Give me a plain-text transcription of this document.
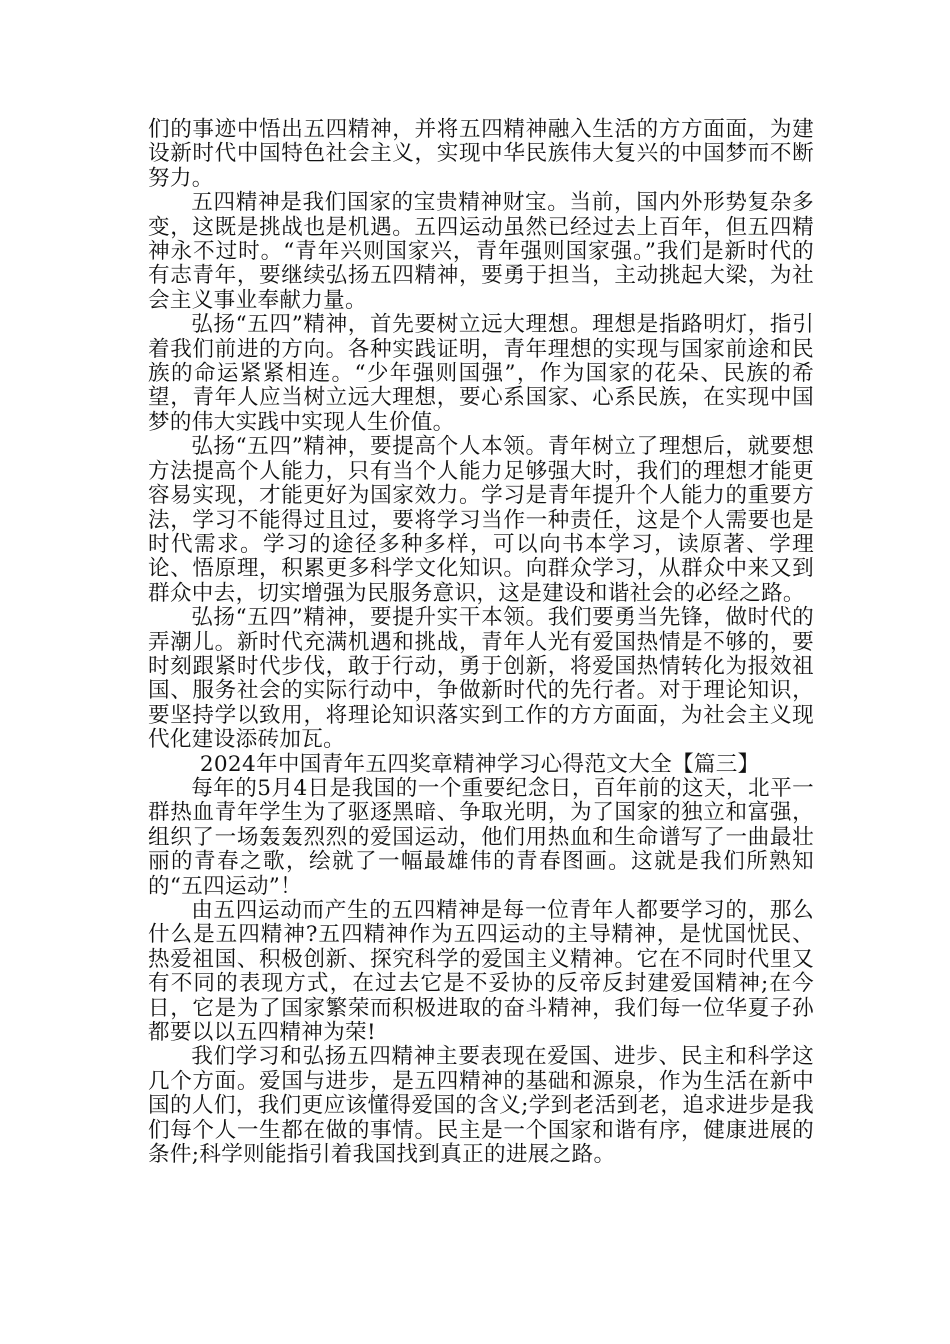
们的事迹中悟出五四精神，并将五四精神融入生活的方方面面，为建设新时代中国特色社会主义，实现中华民族伟大复兴的中国梦而不断努力。

五四精神是我们国家的宝贵精神财宝。当前，国内外形势复杂多变，这既是挑战也是机遇。五四运动虽然已经过去上百年，但五四精神永不过时。“青年兴则国家兴，青年强则国家强。”我们是新时代的有志青年，要继续弘扬五四精神，要勇于担当，主动挑起大梁，为社会主义事业奉献力量。

弘扬“五四”精神，首先要树立远大理想。理想是指路明灯，指引着我们前进的方向。各种实践证明，青年理想的实现与国家前途和民族的命运紧紧相连。“少年强则国强”，作为国家的花朵、民族的希望，青年人应当树立远大理想，要心系国家、心系民族，在实现中国梦的伟大实践中实现人生价值。

弘扬“五四”精神，要提高个人本领。青年树立了理想后，就要想方法提高个人能力，只有当个人能力足够强大时，我们的理想才能更容易实现，才能更好为国家效力。学习是青年提升个人能力的重要方法，学习不能得过且过，要将学习当作一种责任，这是个人需要也是时代需求。学习的途径多种多样，可以向书本学习，读原著、学理论、悟原理，积累更多科学文化知识。向群众学习，从群众中来又到群众中去，切实增强为民服务意识，这是建设和谐社会的必经之路。

弘扬“五四”精神，要提升实干本领。我们要勇当先锋，做时代的弄潮儿。新时代充满机遇和挑战，青年人光有爱国热情是不够的，要时刻跟紧时代步伐，敢于行动，勇于创新，将爱国热情转化为报效祖国、服务社会的实际行动中，争做新时代的先行者。对于理论知识，要坚持学以致用，将理论知识落实到工作的方方面面，为社会主义现代化建设添砖加瓦。

2024年中国青年五四奖章精神学习心得范文大全【篇三】

每年的5月4日是我国的一个重要纪念日，百年前的这天，北平一群热血青年学生为了驱逐黑暗、争取光明，为了国家的独立和富强，组织了一场轰轰烈烈的爱国运动，他们用热血和生命谱写了一曲最壮丽的青春之歌，绘就了一幅最雄伟的青春图画。这就是我们所熟知的“五四运动”！

由五四运动而产生的五四精神是每一位青年人都要学习的，那么什么是五四精神?五四精神作为五四运动的主导精神，是忧国忧民、热爱祖国、积极创新、探究科学的爱国主义精神。它在不同时代里又有不同的表现方式，在过去它是不妥协的反帝反封建爱国精神;在今日，它是为了国家繁荣而积极进取的奋斗精神，我们每一位华夏子孙都要以以五四精神为荣!

我们学习和弘扬五四精神主要表现在爱国、进步、民主和科学这几个方面。爱国与进步，是五四精神的基础和源泉，作为生活在新中国的人们，我们更应该懂得爱国的含义;学到老活到老，追求进步是我们每个人一生都在做的事情。民主是一个国家和谐有序，健康进展的条件;科学则能指引着我国找到真正的进展之路。
